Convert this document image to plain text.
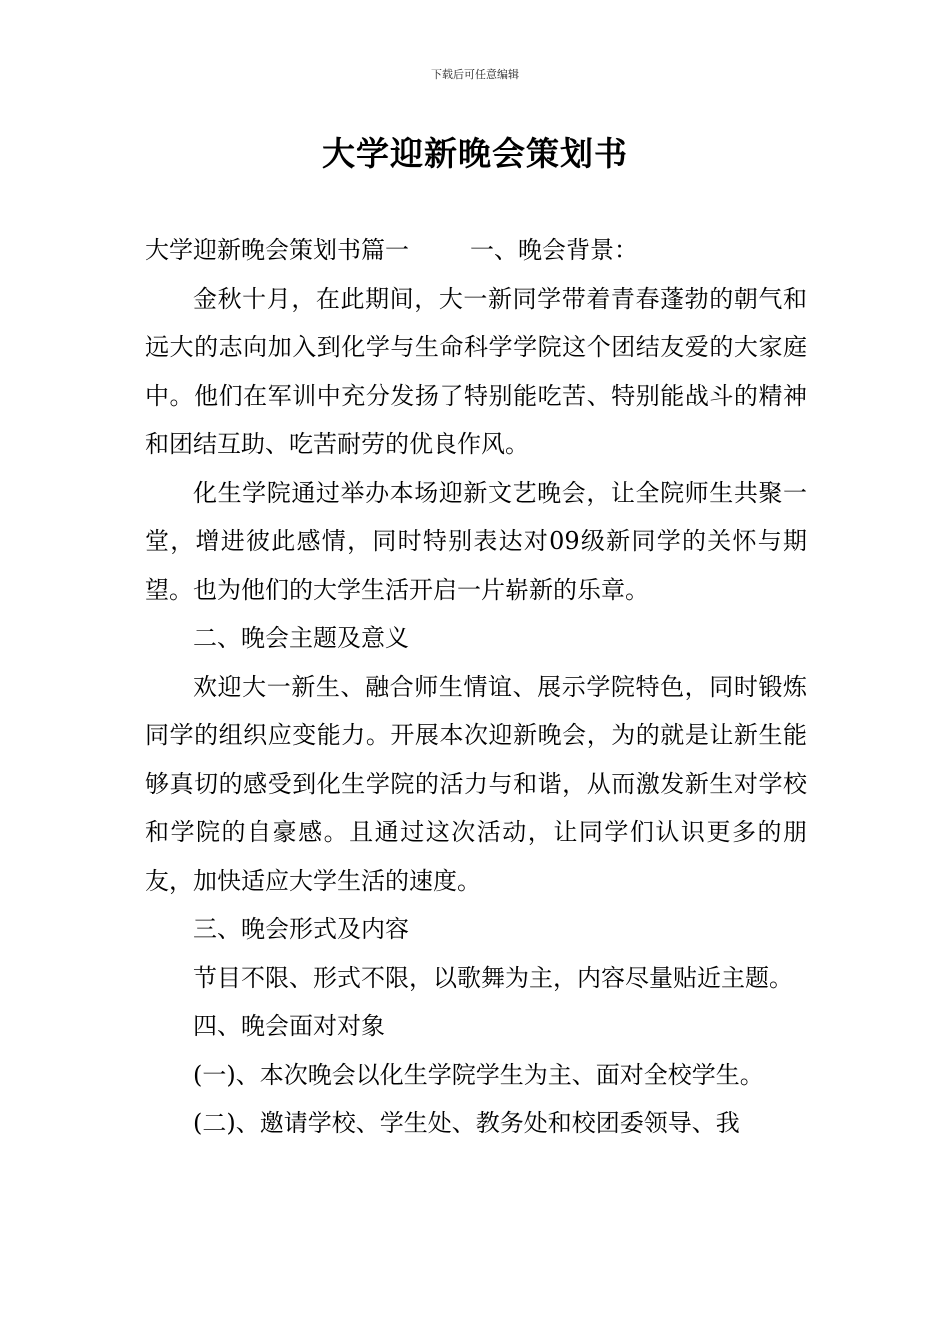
下载后可任意编辑
大学迎新晚会策划书

大学迎新晚会策划书篇一        一、晚会背景：

金秋十月，在此期间，大一新同学带着青春蓬勃的朝气和远大的志向加入到化学与生命科学学院这个团结友爱的大家庭中。他们在军训中充分发扬了特别能吃苦、特别能战斗的精神和团结互助、吃苦耐劳的优良作风。

化生学院通过举办本场迎新文艺晚会，让全院师生共聚一堂，增进彼此感情，同时特别表达对09级新同学的关怀与期望。也为他们的大学生活开启一片崭新的乐章。

二、晚会主题及意义

欢迎大一新生、融合师生情谊、展示学院特色，同时锻炼同学的组织应变能力。开展本次迎新晚会，为的就是让新生能够真切的感受到化生学院的活力与和谐，从而激发新生对学校和学院的自豪感。且通过这次活动，让同学们认识更多的朋友，加快适应大学生活的速度。

三、晚会形式及内容

节目不限、形式不限，以歌舞为主，内容尽量贴近主题。

四、晚会面对对象

(一)、本次晚会以化生学院学生为主、面对全校学生。

(二)、邀请学校、学生处、教务处和校团委领导、我
